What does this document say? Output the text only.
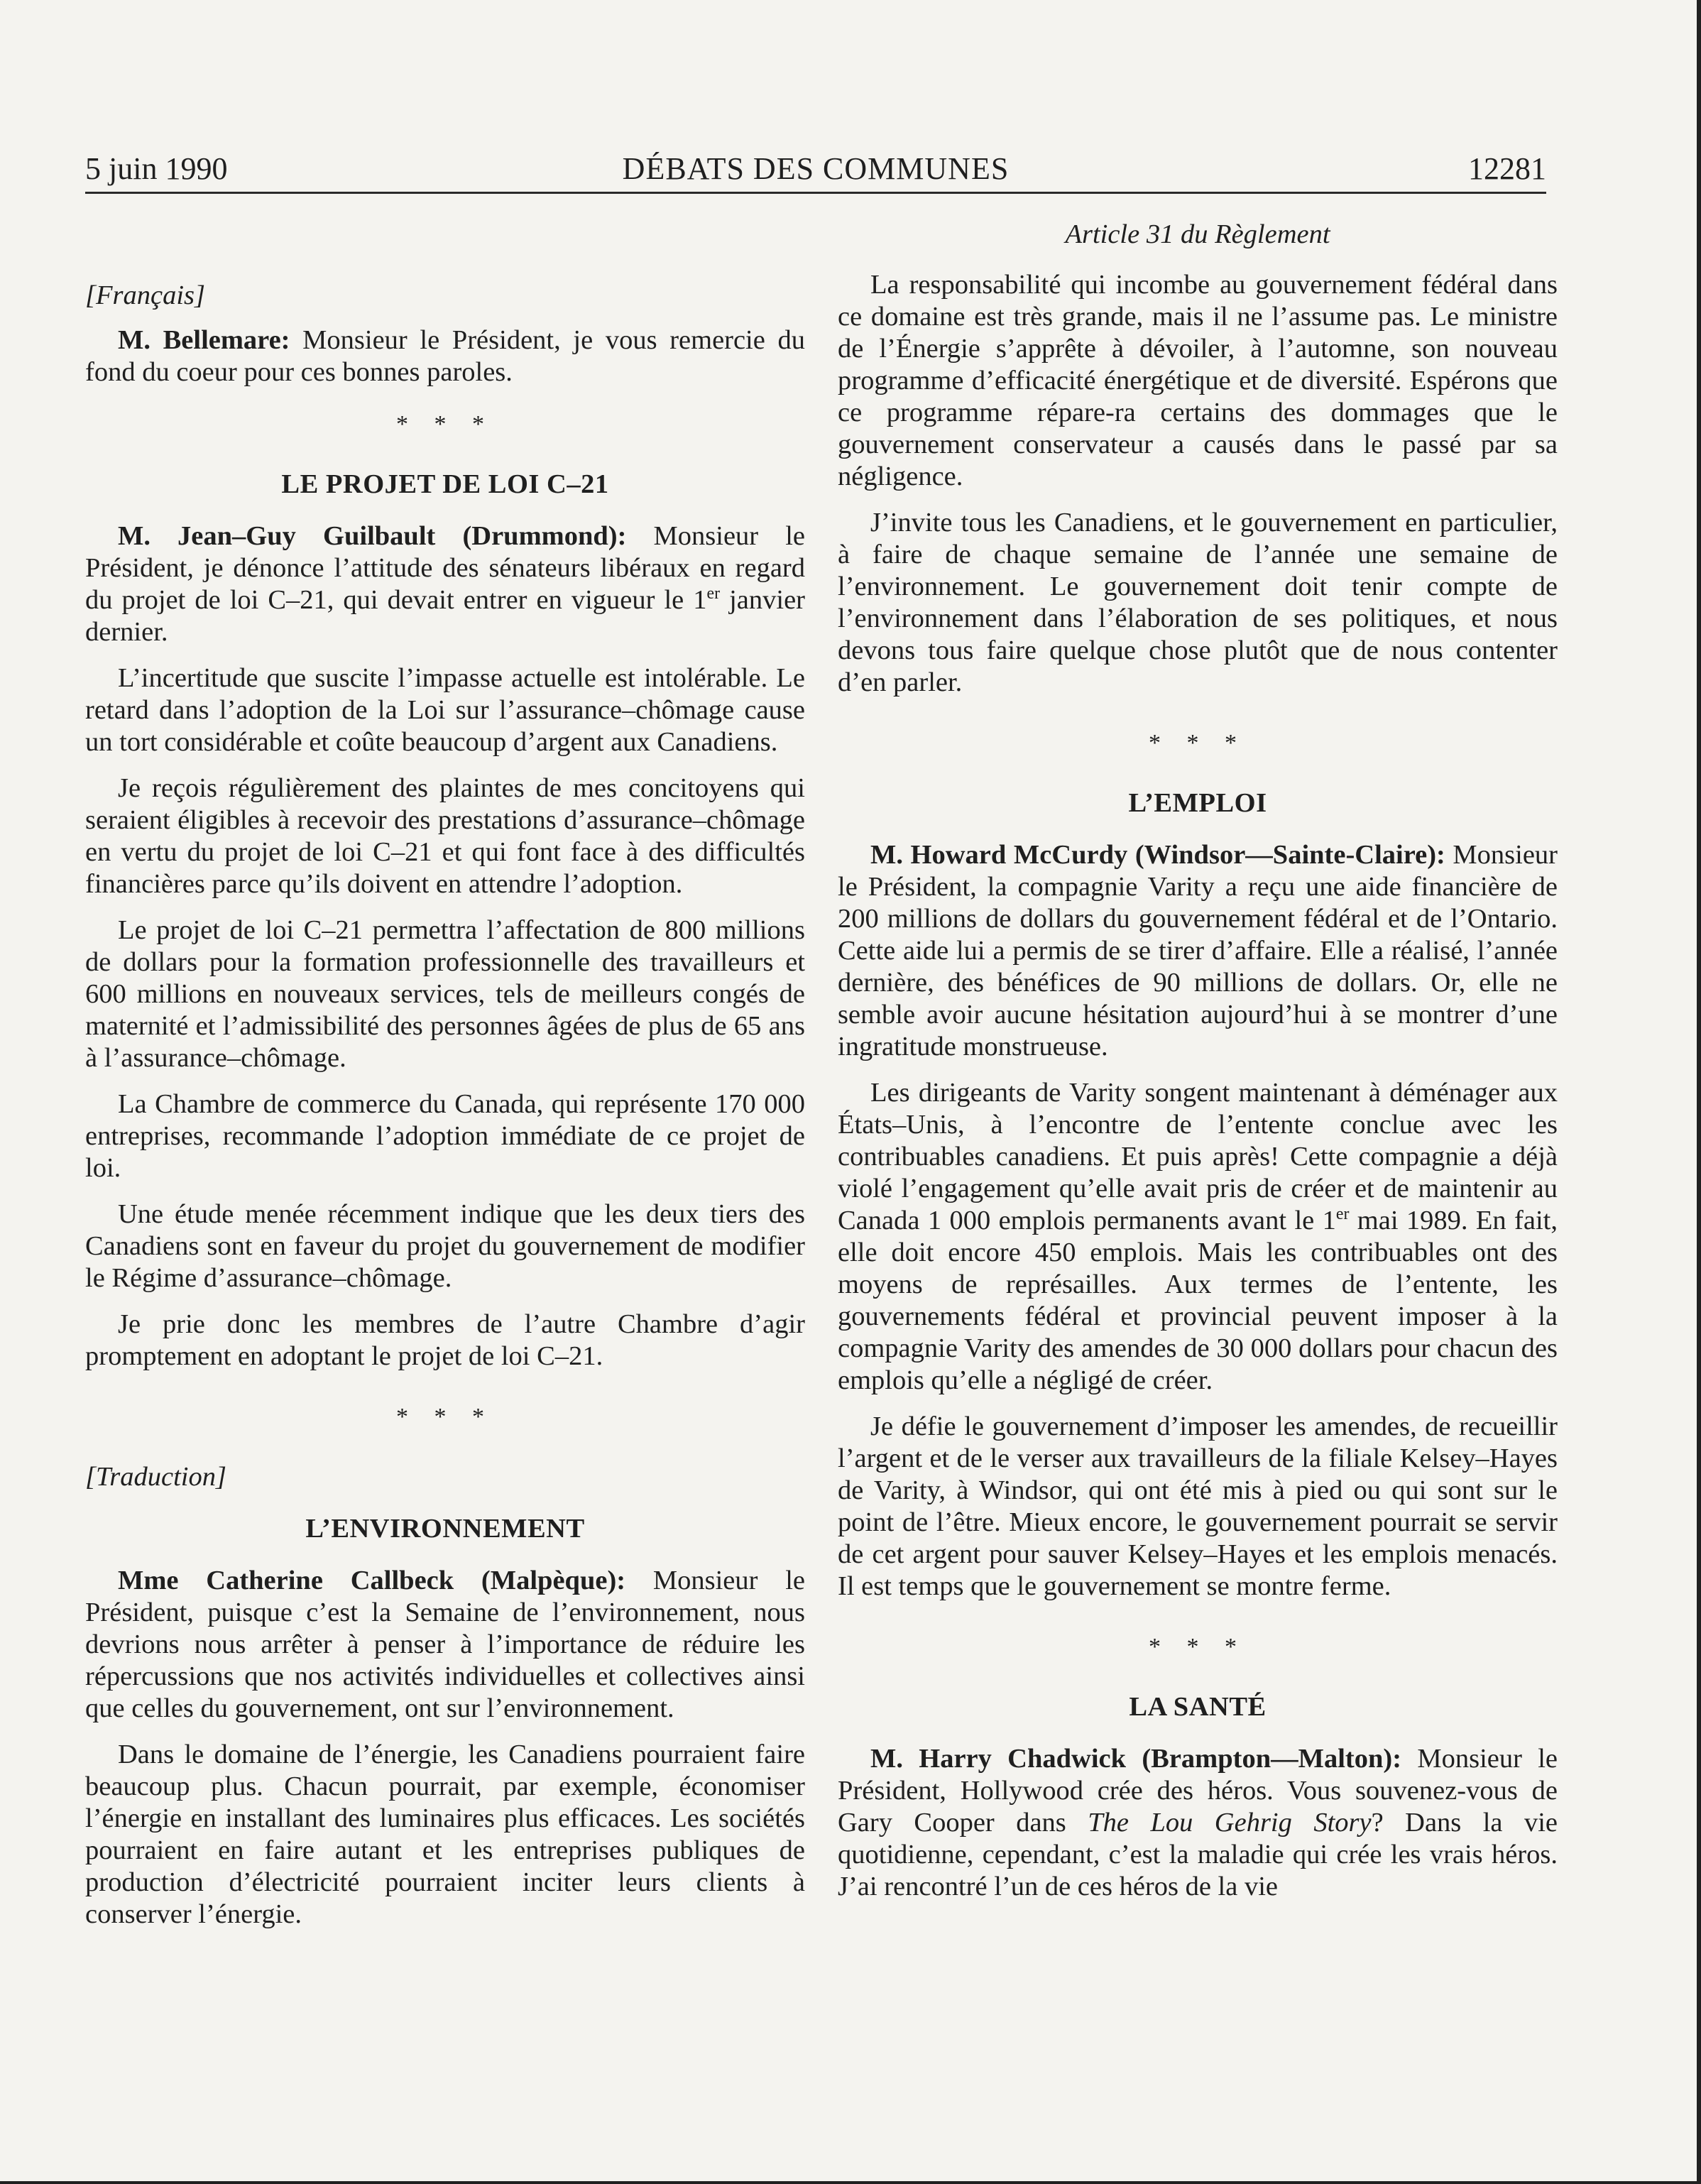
5 juin 1990	DÉBATS DES COMMUNES	12281
[Français]

M. Bellemare: Monsieur le Président, je vous remercie du fond du coeur pour ces bonnes paroles.

* * *
LE PROJET DE LOI C–21

M. Jean–Guy Guilbault (Drummond): Monsieur le Président, je dénonce l’attitude des sénateurs libéraux en regard du projet de loi C–21, qui devait entrer en vigueur le 1er janvier dernier.

L’incertitude que suscite l’impasse actuelle est intolérable. Le retard dans l’adoption de la Loi sur l’assurance–chômage cause un tort considérable et coûte beaucoup d’argent aux Canadiens.

Je reçois régulièrement des plaintes de mes concitoyens qui seraient éligibles à recevoir des prestations d’assurance–chômage en vertu du projet de loi C–21 et qui font face à des difficultés financières parce qu’ils doivent en attendre l’adoption.

Le projet de loi C–21 permettra l’affectation de 800 millions de dollars pour la formation professionnelle des travailleurs et 600 millions en nouveaux services, tels de meilleurs congés de maternité et l’admissibilité des personnes âgées de plus de 65 ans à l’assurance–chômage.

La Chambre de commerce du Canada, qui représente 170 000 entreprises, recommande l’adoption immédiate de ce projet de loi.

Une étude menée récemment indique que les deux tiers des Canadiens sont en faveur du projet du gouvernement de modifier le Régime d’assurance–chômage.

Je prie donc les membres de l’autre Chambre d’agir promptement en adoptant le projet de loi C–21.

* * *
[Traduction]
L’ENVIRONNEMENT

Mme Catherine Callbeck (Malpèque): Monsieur le Président, puisque c’est la Semaine de l’environnement, nous devrions nous arrêter à penser à l’importance de réduire les répercussions que nos activités individuelles et collectives ainsi que celles du gouvernement, ont sur l’environnement.

Dans le domaine de l’énergie, les Canadiens pourraient faire beaucoup plus. Chacun pourrait, par exemple, économiser l’énergie en installant des luminaires plus efficaces. Les sociétés pourraient en faire autant et les entreprises publiques de production d’électricité pourraient inciter leurs clients à conserver l’énergie.

Article 31 du Règlement

La responsabilité qui incombe au gouvernement fédéral dans ce domaine est très grande, mais il ne l’assume pas. Le ministre de l’Énergie s’apprête à dévoiler, à l’automne, son nouveau programme d’efficacité énergétique et de diversité. Espérons que ce programme répare-ra certains des dommages que le gouvernement conservateur a causés dans le passé par sa négligence.

J’invite tous les Canadiens, et le gouvernement en particulier, à faire de chaque semaine de l’année une semaine de l’environnement. Le gouvernement doit tenir compte de l’environnement dans l’élaboration de ses politiques, et nous devons tous faire quelque chose plutôt que de nous contenter d’en parler.

* * *
L’EMPLOI

M. Howard McCurdy (Windsor—Sainte-Claire): Monsieur le Président, la compagnie Varity a reçu une aide financière de 200 millions de dollars du gouvernement fédéral et de l’Ontario. Cette aide lui a permis de se tirer d’affaire. Elle a réalisé, l’année dernière, des bénéfices de 90 millions de dollars. Or, elle ne semble avoir aucune hésitation aujourd’hui à se montrer d’une ingratitude monstrueuse.

Les dirigeants de Varity songent maintenant à déménager aux États–Unis, à l’encontre de l’entente conclue avec les contribuables canadiens. Et puis après! Cette compagnie a déjà violé l’engagement qu’elle avait pris de créer et de maintenir au Canada 1 000 emplois permanents avant le 1er mai 1989. En fait, elle doit encore 450 emplois. Mais les contribuables ont des moyens de représailles. Aux termes de l’entente, les gouvernements fédéral et provincial peuvent imposer à la compagnie Varity des amendes de 30 000 dollars pour chacun des emplois qu’elle a négligé de créer.

Je défie le gouvernement d’imposer les amendes, de recueillir l’argent et de le verser aux travailleurs de la filiale Kelsey–Hayes de Varity, à Windsor, qui ont été mis à pied ou qui sont sur le point de l’être. Mieux encore, le gouvernement pourrait se servir de cet argent pour sauver Kelsey–Hayes et les emplois menacés. Il est temps que le gouvernement se montre ferme.

* * *
LA SANTÉ

M. Harry Chadwick (Brampton—Malton): Monsieur le Président, Hollywood crée des héros. Vous souvenez-vous de Gary Cooper dans The Lou Gehrig Story? Dans la vie quotidienne, cependant, c’est la maladie qui crée les vrais héros. J’ai rencontré l’un de ces héros de la vie
